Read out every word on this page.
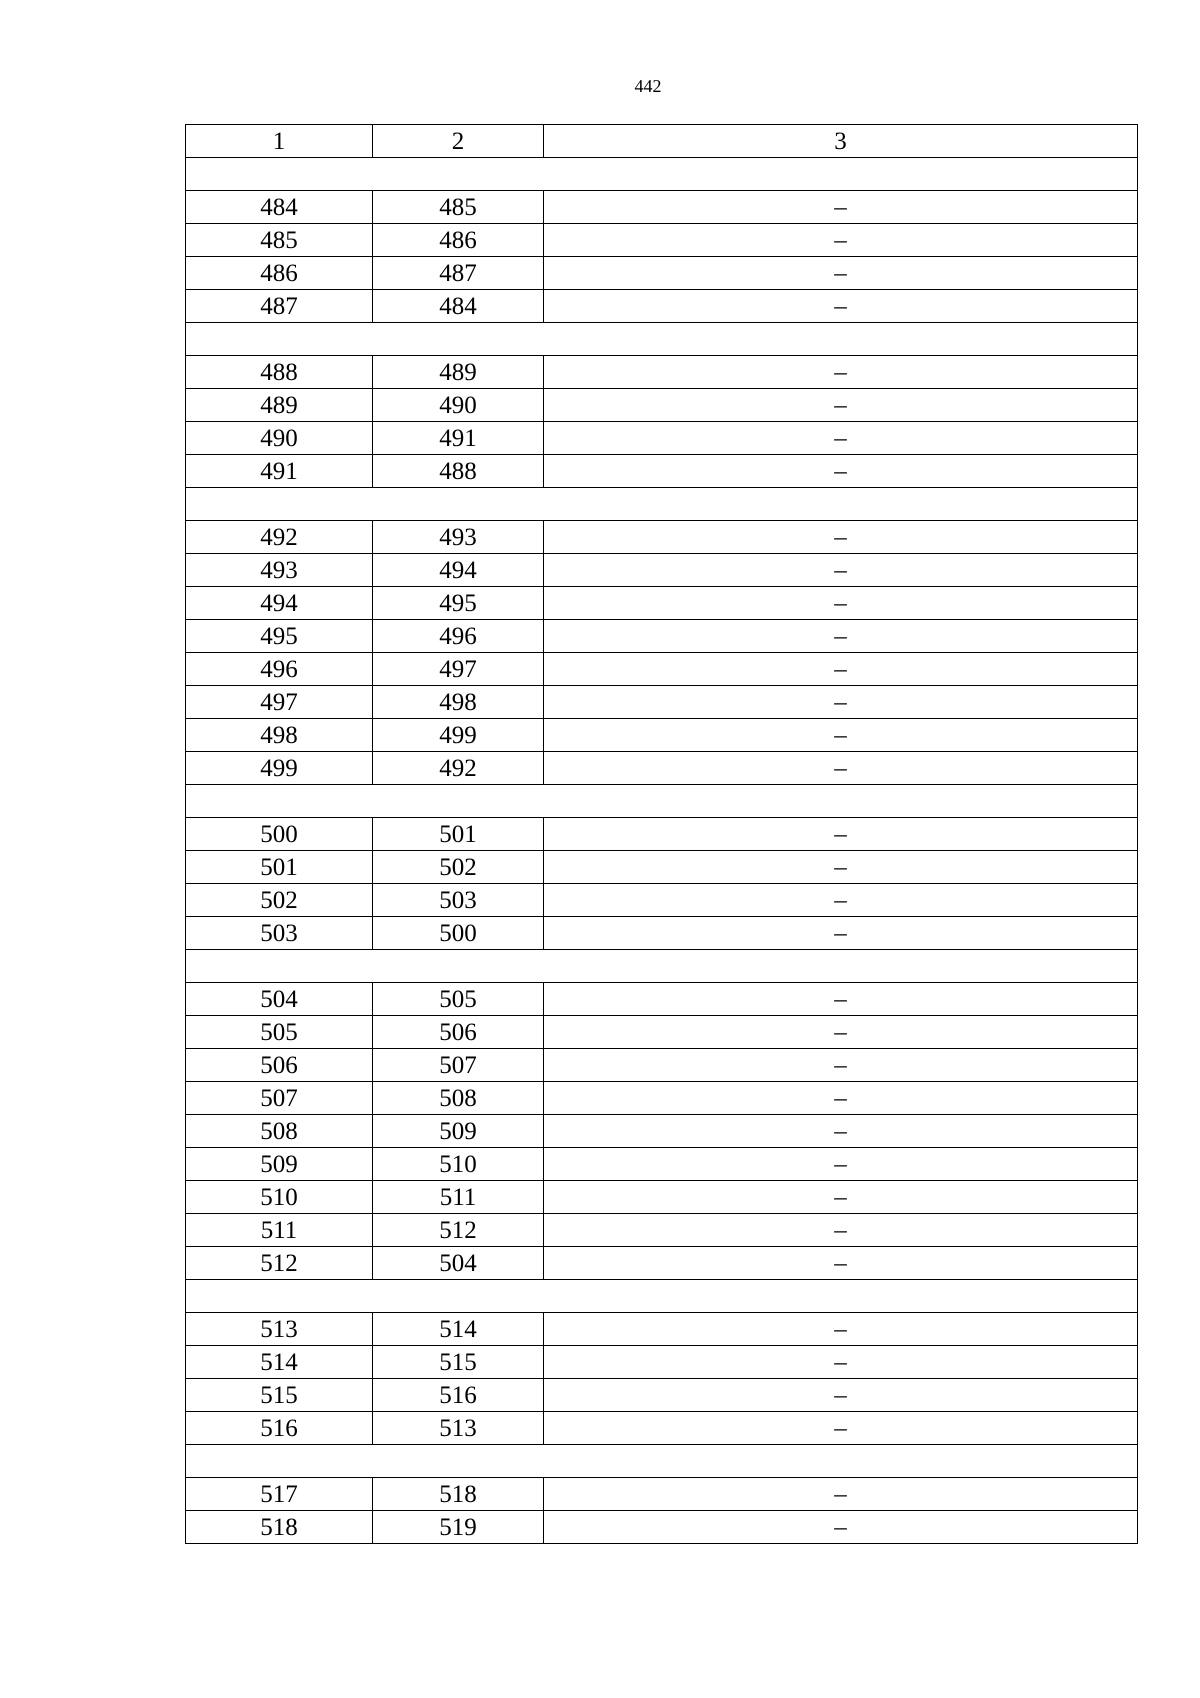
442
1	2	3

484	485	–
485	486	–
486	487	–
487	484	–

488	489	–
489	490	–
490	491	–
491	488	–

492	493	–
493	494	–
494	495	–
495	496	–
496	497	–
497	498	–
498	499	–
499	492	–

500	501	–
501	502	–
502	503	–
503	500	–

504	505	–
505	506	–
506	507	–
507	508	–
508	509	–
509	510	–
510	511	–
511	512	–
512	504	–

513	514	–
514	515	–
515	516	–
516	513	–

517	518	–
518	519	–
